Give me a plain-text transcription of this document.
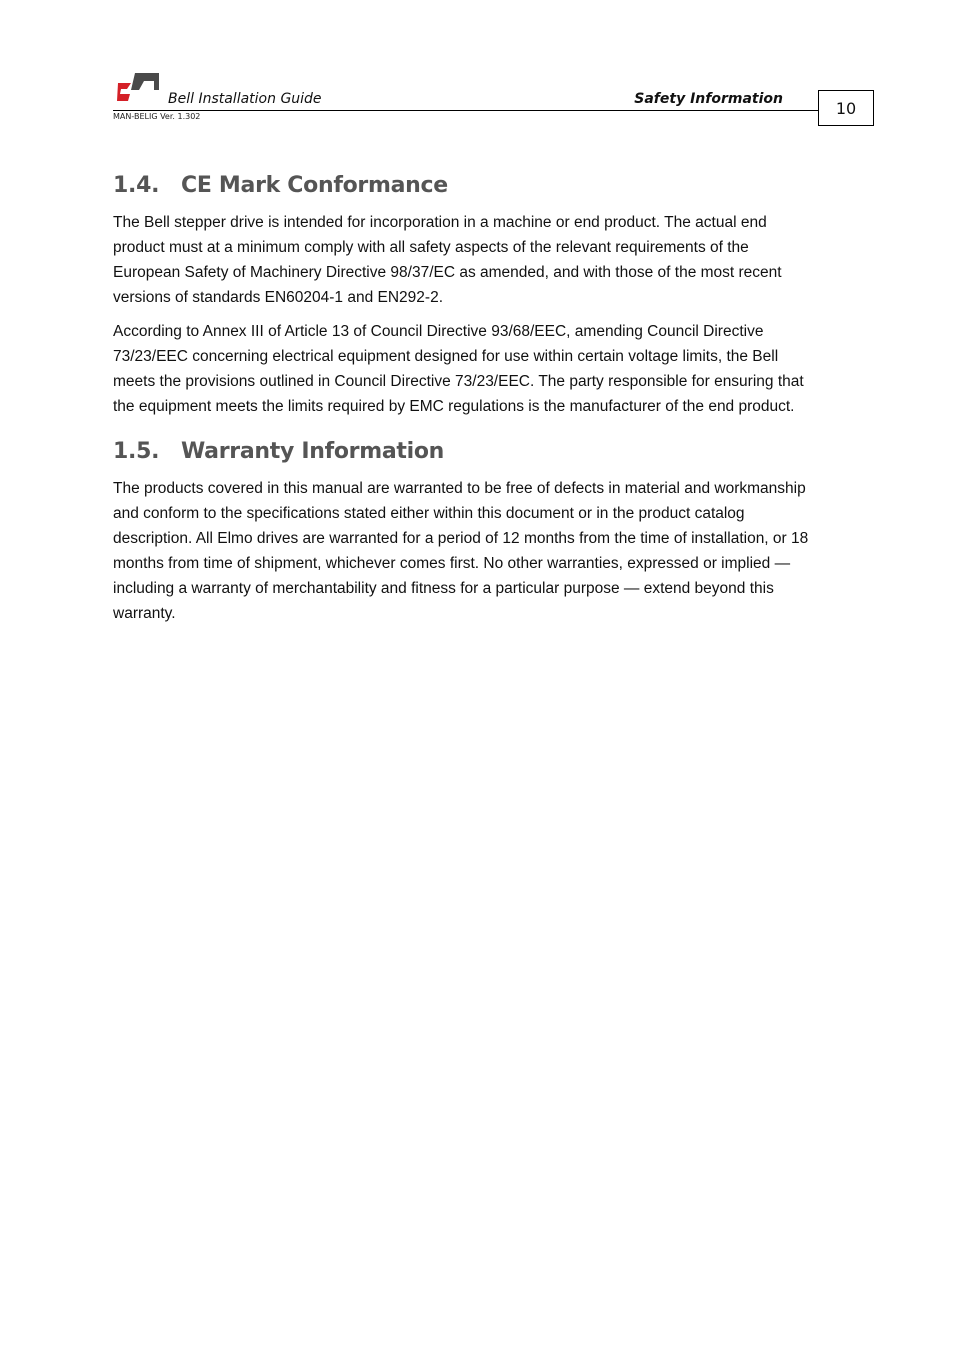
Bell Installation Guide	Safety Information
MAN-BELIG Ver. 1.302	10
1.4. CE Mark Conformance

The Bell stepper drive is intended for incorporation in a machine or end product. The actual end product must at a minimum comply with all safety aspects of the relevant requirements of the European Safety of Machinery Directive 98/37/EC as amended, and with those of the most recent versions of standards EN60204-1 and EN292-2.

According to Annex III of Article 13 of Council Directive 93/68/EEC, amending Council Directive 73/23/EEC concerning electrical equipment designed for use within certain voltage limits, the Bell meets the provisions outlined in Council Directive 73/23/EEC. The party responsible for ensuring that the equipment meets the limits required by EMC regulations is the manufacturer of the end product.

1.5. Warranty Information

The products covered in this manual are warranted to be free of defects in material and workmanship and conform to the specifications stated either within this document or in the product catalog description. All Elmo drives are warranted for a period of 12 months from the time of installation, or 18 months from time of shipment, whichever comes first. No other warranties, expressed or implied — including a warranty of merchantability and fitness for a particular purpose — extend beyond this warranty.
